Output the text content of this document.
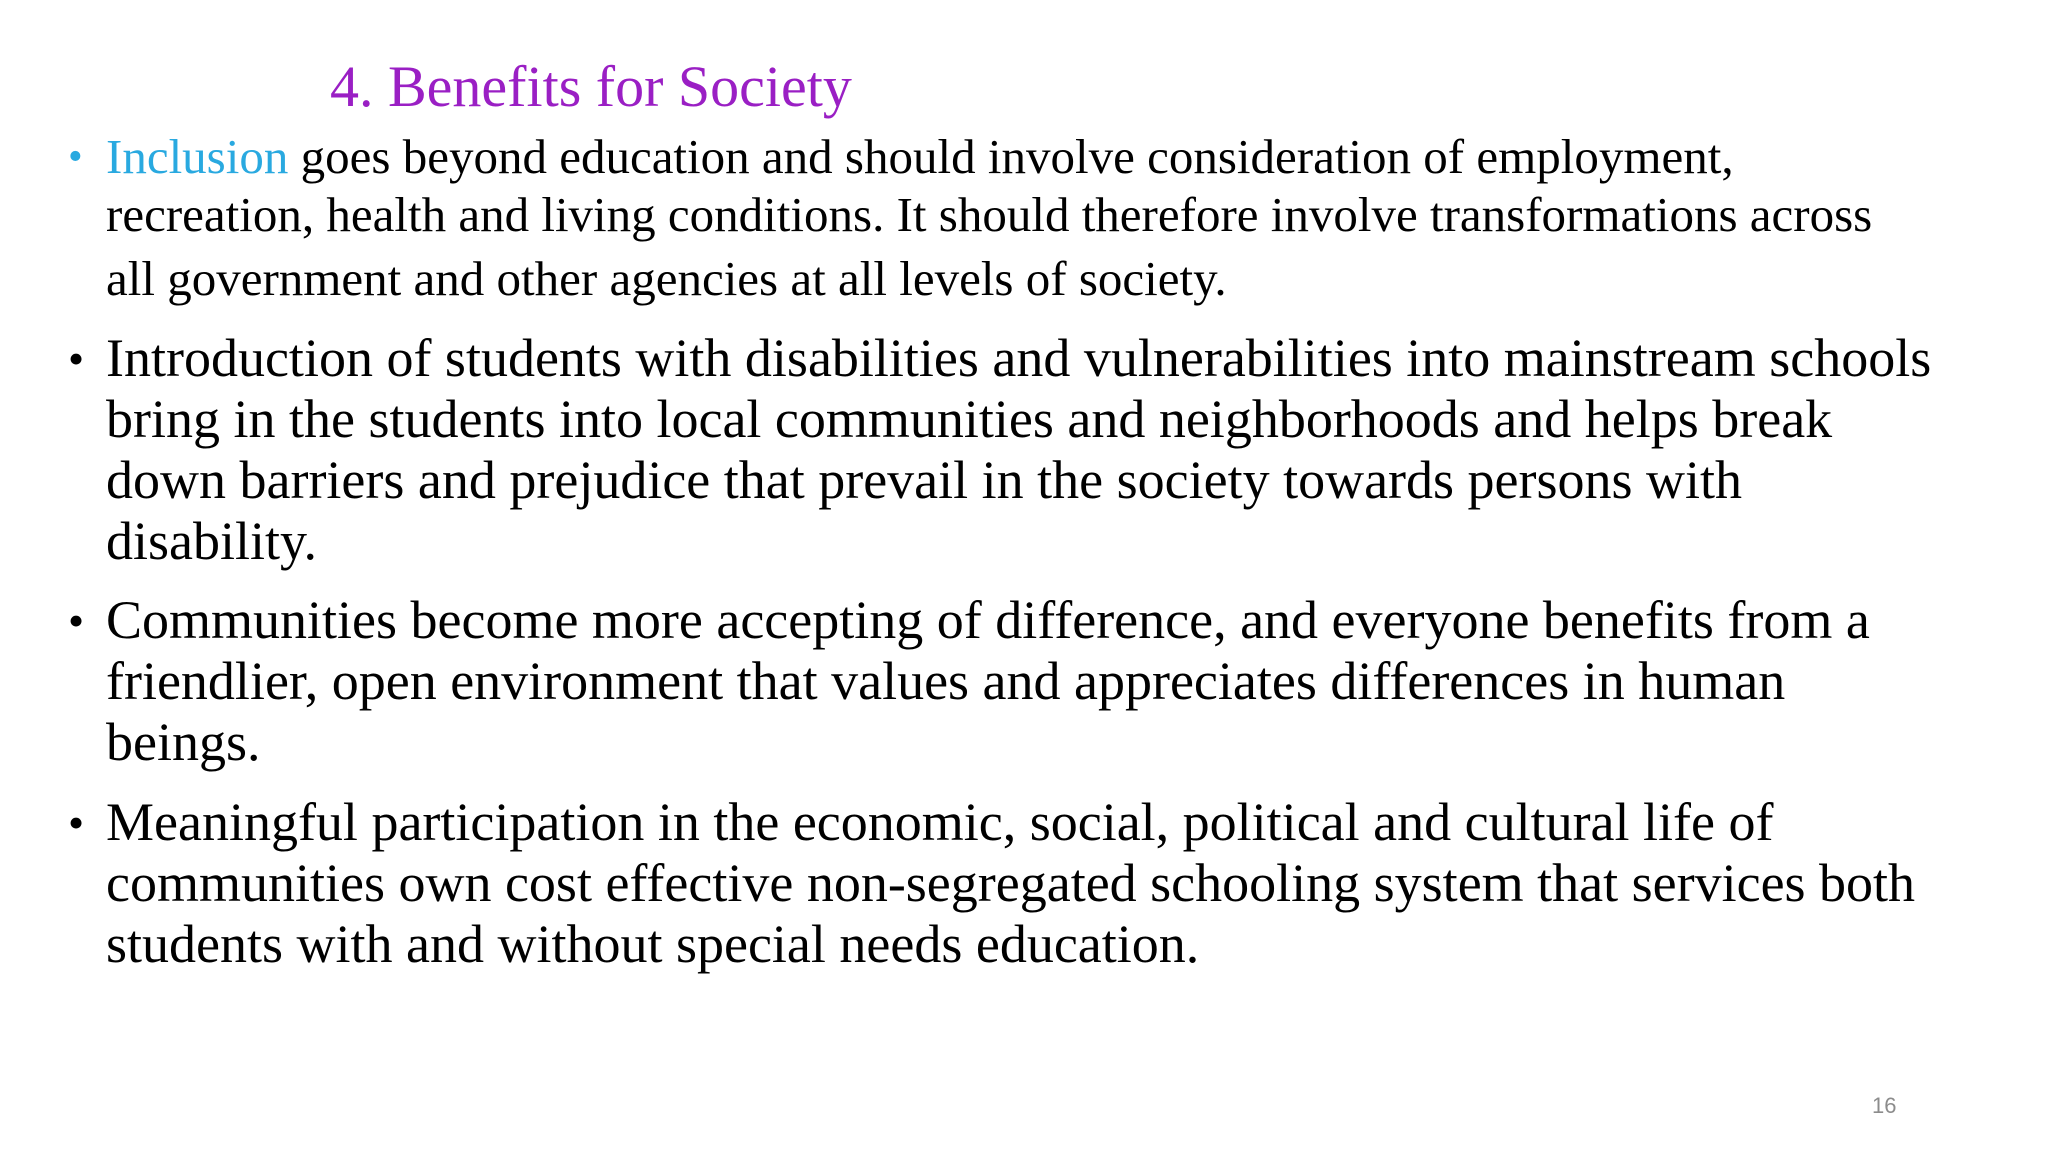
4. Benefits for Society
• Inclusion goes beyond education and should involve consideration of employment,
recreation, health and living conditions. It should therefore involve transformations across
all government and other agencies at all levels of society.
• Introduction of students with disabilities and vulnerabilities into mainstream schools
bring in the students into local communities and neighborhoods and helps break
down barriers and prejudice that prevail in the society towards persons with
disability.
• Communities become more accepting of difference, and everyone benefits from a
friendlier, open environment that values and appreciates differences in human
beings.
• Meaningful participation in the economic, social, political and cultural life of
communities own cost effective non-segregated schooling system that services both
students with and without special needs education.
16
